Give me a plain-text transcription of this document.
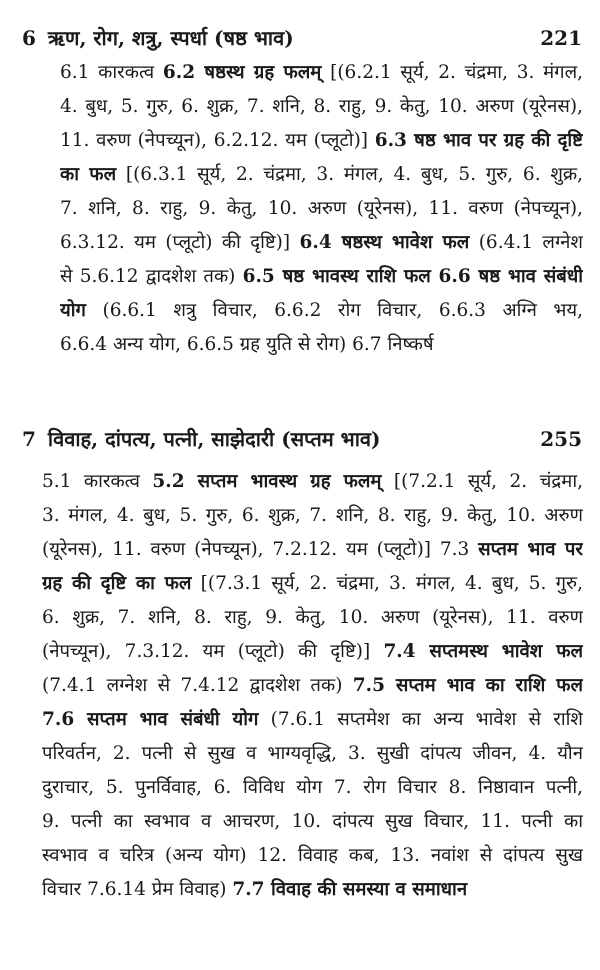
6 ऋण, रोग, शत्रु, स्पर्धा (षष्ठ भाव)	221
6.1 कारकत्व 6.2 षष्ठस्थ ग्रह फलम् [(6.2.1 सूर्य, 2. चंद्रमा, 3. मंगल,
4. बुध, 5. गुरु, 6. शुक्र, 7. शनि, 8. राहु, 9. केतु, 10. अरुण (यूरेनस),
11. वरुण (नेपच्यून), 6.2.12. यम (प्लूटो)] 6.3 षष्ठ भाव पर ग्रह की दृष्टि
का फल [(6.3.1 सूर्य, 2. चंद्रमा, 3. मंगल, 4. बुध, 5. गुरु, 6. शुक्र,
7. शनि, 8. राहु, 9. केतु, 10. अरुण (यूरेनस), 11. वरुण (नेपच्यून),
6.3.12. यम (प्लूटो) की दृष्टि)] 6.4 षष्ठस्थ भावेश फल (6.4.1 लग्नेश
से 5.6.12 द्वादशेश तक) 6.5 षष्ठ भावस्थ राशि फल 6.6 षष्ठ भाव संबंधी
योग (6.6.1 शत्रु विचार, 6.6.2 रोग विचार, 6.6.3 अग्नि भय,
6.6.4 अन्य योग, 6.6.5 ग्रह युति से रोग) 6.7 निष्कर्ष
7 विवाह, दांपत्य, पत्नी, साझेदारी (सप्तम भाव)	255
5.1 कारकत्व 5.2 सप्तम भावस्थ ग्रह फलम् [(7.2.1 सूर्य, 2. चंद्रमा,
3. मंगल, 4. बुध, 5. गुरु, 6. शुक्र, 7. शनि, 8. राहु, 9. केतु, 10. अरुण
(यूरेनस), 11. वरुण (नेपच्यून), 7.2.12. यम (प्लूटो)] 7.3 सप्तम भाव पर
ग्रह की दृष्टि का फल [(7.3.1 सूर्य, 2. चंद्रमा, 3. मंगल, 4. बुध, 5. गुरु,
6. शुक्र, 7. शनि, 8. राहु, 9. केतु, 10. अरुण (यूरेनस), 11. वरुण
(नेपच्यून), 7.3.12. यम (प्लूटो) की दृष्टि)] 7.4 सप्तमस्थ भावेश फल
(7.4.1 लग्नेश से 7.4.12 द्वादशेश तक) 7.5 सप्तम भाव का राशि फल
7.6 सप्तम भाव संबंधी योग (7.6.1 सप्तमेश का अन्य भावेश से राशि
परिवर्तन, 2. पत्नी से सुख व भाग्यवृद्धि, 3. सुखी दांपत्य जीवन, 4. यौन
दुराचार, 5. पुनर्विवाह, 6. विविध योग 7. रोग विचार 8. निष्ठावान पत्नी,
9. पत्नी का स्वभाव व आचरण, 10. दांपत्य सुख विचार, 11. पत्नी का
स्वभाव व चरित्र (अन्य योग) 12. विवाह कब, 13. नवांश से दांपत्य सुख
विचार 7.6.14 प्रेम विवाह) 7.7 विवाह की समस्या व समाधान
